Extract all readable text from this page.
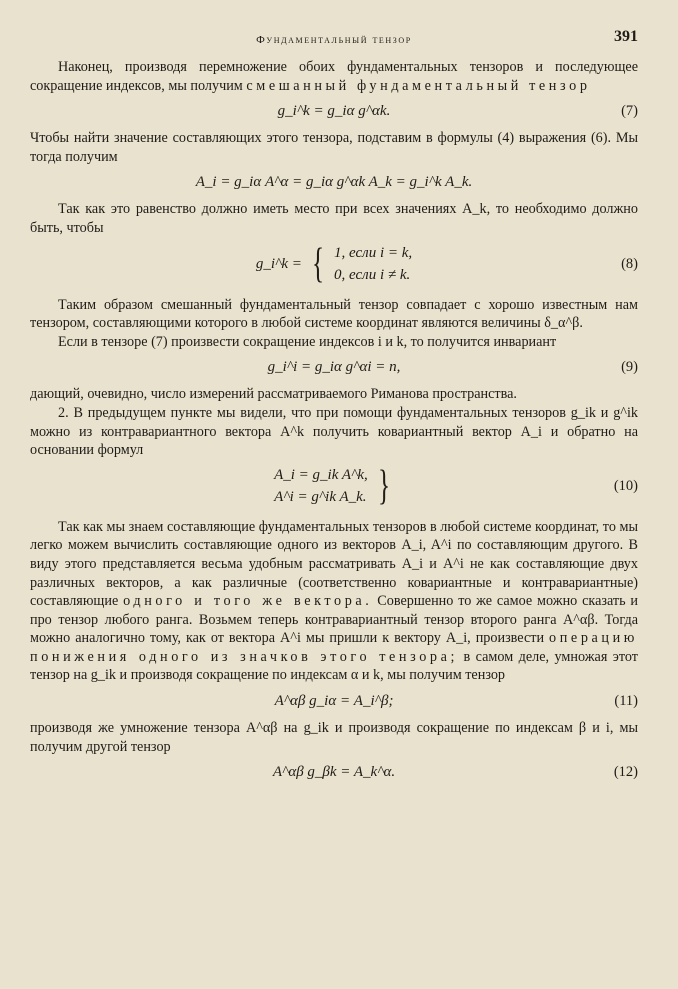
Фундаментальный тензор	391

Наконец, производя перемножение обоих фундаментальных тензоров и последующее сокращение индексов, мы получим смешанный фундаментальный тензор

g_i^k = g_iα g^αk.	(7)

Чтобы найти значение составляющих этого тензора, подставим в формулы (4) выражения (6). Мы тогда получим

A_i = g_iα A^α = g_iα g^αk A_k = g_i^k A_k.

Так как это равенство должно иметь место при всех значениях A_k, то необходимо должно быть, чтобы

g_i^k = { 1, если i = k,
0, если i ≠ k.
(8)

Таким образом смешанный фундаментальный тензор совпадает с хорошо известным нам тензором, составляющими которого в любой системе координат являются величины δ_α^β.

Если в тензоре (7) произвести сокращение индексов i и k, то получится инвариант

g_i^i = g_iα g^αi = n,	(9)

дающий, очевидно, число измерений рассматриваемого Риманова пространства.

2. В предыдущем пункте мы видели, что при помощи фундаментальных тензоров g_ik и g^ik можно из контравариантного вектора A^k получить ковариантный вектор A_i и обратно на основании формул

A_i = g_ik A^k,
A^i = g^ik A_k. }	(10)

Так как мы знаем составляющие фундаментальных тензоров в любой системе координат, то мы легко можем вычислить составляющие одного из векторов A_i, A^i по составляющим другого. В виду этого представляется весьма удобным рассматривать A_i и A^i не как составляющие двух различных векторов, а как различные (соответственно ковариантные и контравариантные) составляющие одного и того же вектора. Совершенно то же самое можно сказать и про тензор любого ранга. Возьмем теперь контравариантный тензор второго ранга A^αβ. Тогда можно аналогично тому, как от вектора A^i мы пришли к вектору A_i, произвести операцию понижения одного из значков этого тензора; в самом деле, умножая этот тензор на g_ik и производя сокращение по индексам α и k, мы получим тензор

A^αβ g_iα = A_i^β;	(11)

производя же умножение тензора A^αβ на g_ik и производя сокращение по индексам β и i, мы получим другой тензор

A^αβ g_βk = A_k^α.	(12)
